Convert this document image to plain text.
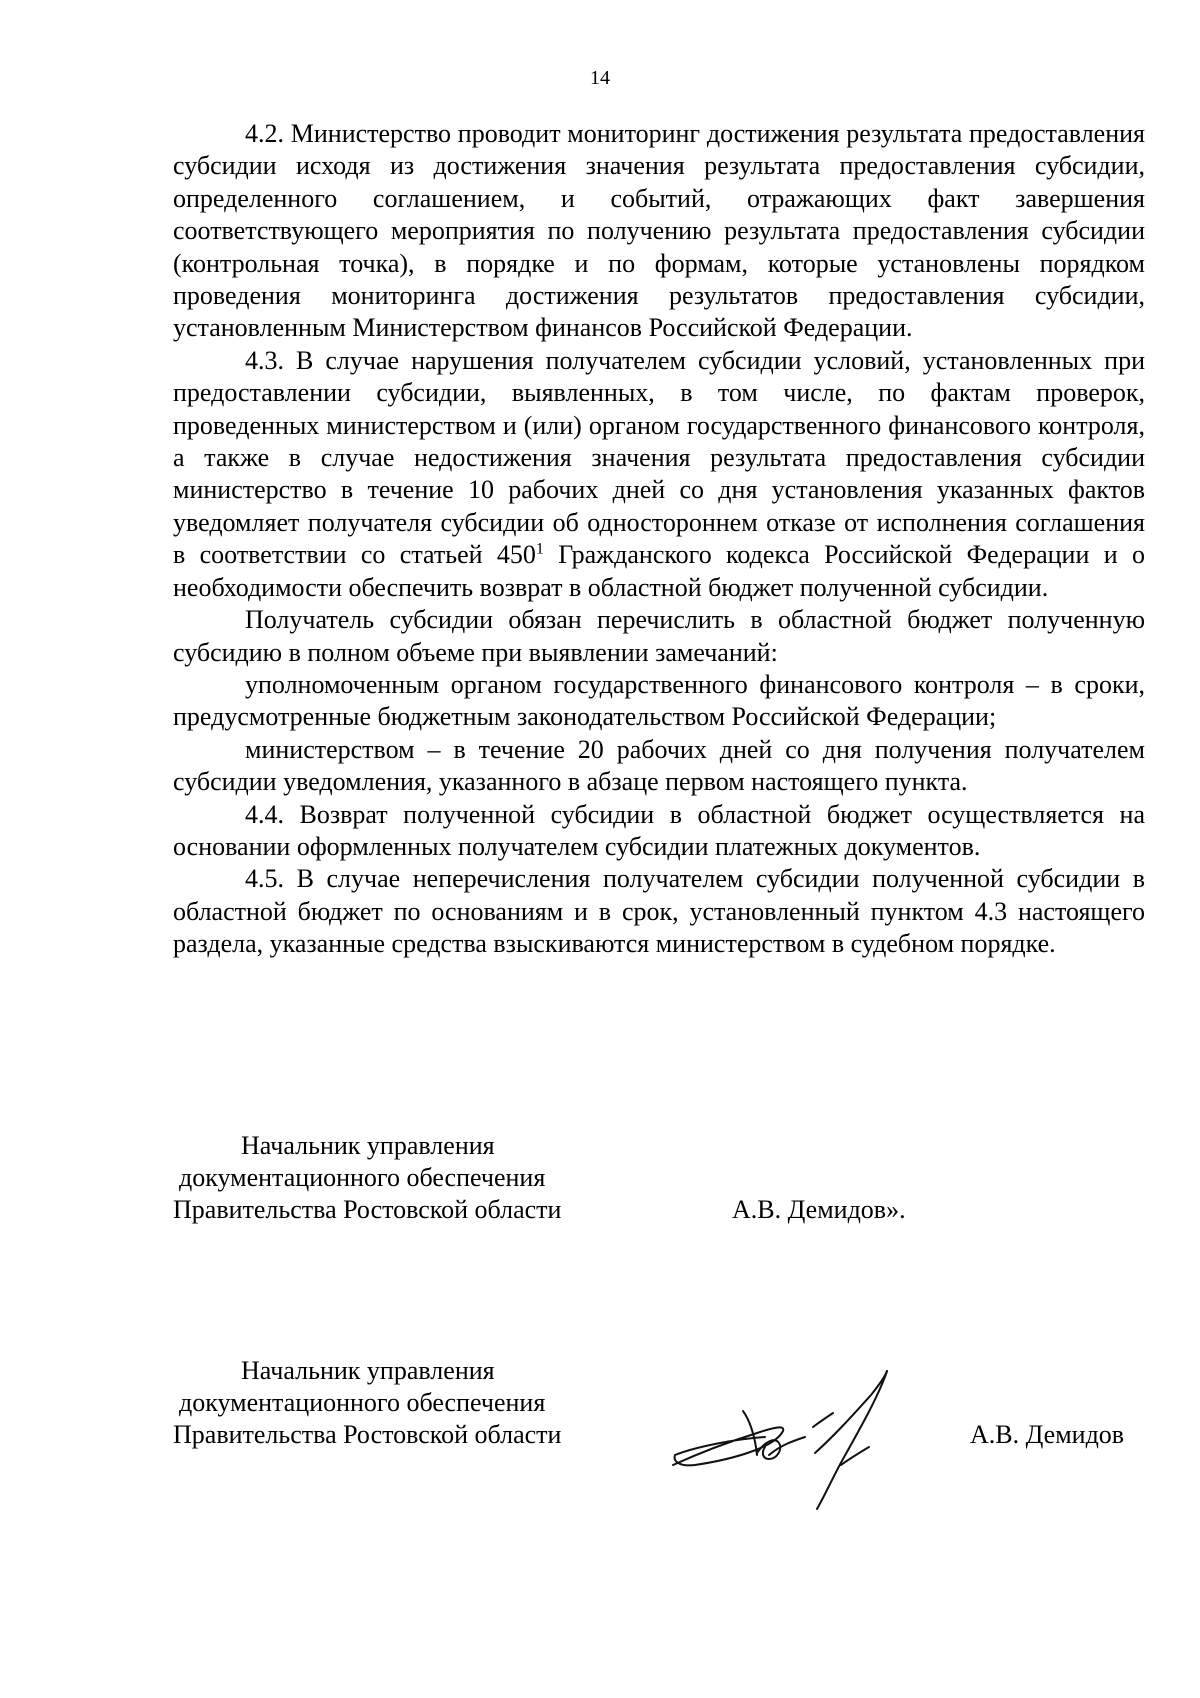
14

4.2. Министерство проводит мониторинг достижения результата предоставления субсидии исходя из достижения значения результата предоставления субсидии, определенного соглашением, и событий, отражающих факт завершения соответствующего мероприятия по получению результата предоставления субсидии (контрольная точка), в порядке и по формам, которые установлены порядком проведения мониторинга достижения результатов предоставления субсидии, установленным Министерством финансов Российской Федерации.

4.3. В случае нарушения получателем субсидии условий, установленных при предоставлении субсидии, выявленных, в том числе, по фактам проверок, проведенных министерством и (или) органом государственного финансового контроля, а также в случае недостижения значения результата предоставления субсидии министерство в течение 10 рабочих дней со дня установления указанных фактов уведомляет получателя субсидии об одностороннем отказе от исполнения соглашения в соответствии со статьей $450^1$ Гражданского кодекса Российской Федерации и о необходимости обеспечить возврат в областной бюджет полученной субсидии.

Получатель субсидии обязан перечислить в областной бюджет полученную субсидию в полном объеме при выявлении замечаний:

уполномоченным органом государственного финансового контроля – в сроки, предусмотренные бюджетным законодательством Российской Федерации;

министерством – в течение 20 рабочих дней со дня получения получателем субсидии уведомления, указанного в абзаце первом настоящего пункта.

4.4. Возврат полученной субсидии в областной бюджет осуществляется на основании оформленных получателем субсидии платежных документов.

4.5. В случае неперечисления получателем субсидии полученной субсидии в областной бюджет по основаниям и в срок, установленный пунктом 4.3 настоящего раздела, указанные средства взыскиваются министерством в судебном порядке.

Начальник управления
документационного обеспечения
Правительства Ростовской области	А.В. Демидов».
Начальник управления
документационного обеспечения
Правительства Ростовской области	А.В. Демидов
